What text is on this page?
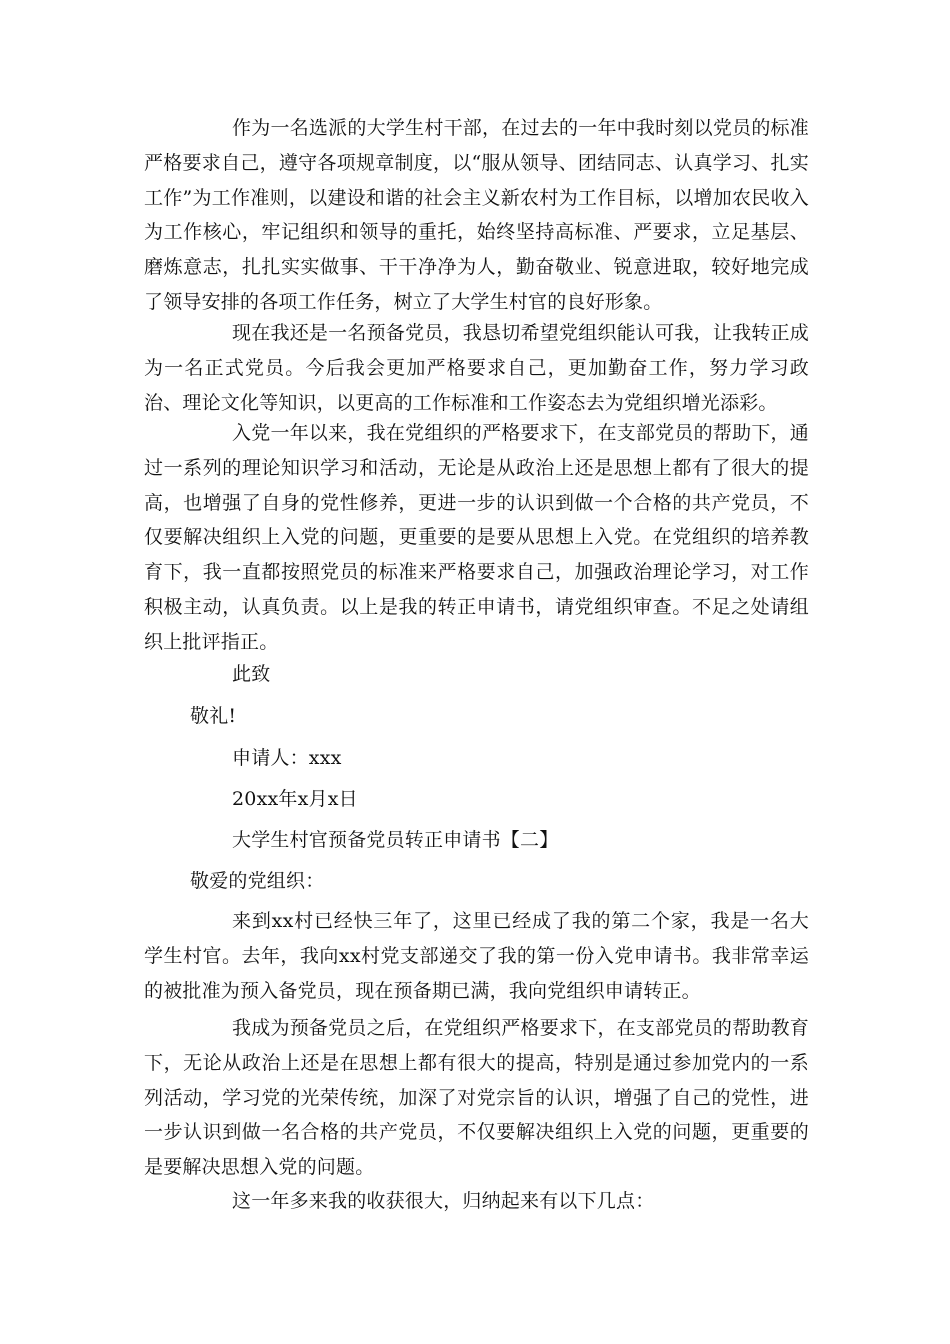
作为一名选派的大学生村干部，在过去的一年中我时刻以党员的标准严格要求自己，遵守各项规章制度，以“服从领导、团结同志、认真学习、扎实工作”为工作准则，以建设和谐的社会主义新农村为工作目标，以增加农民收入为工作核心，牢记组织和领导的重托，始终坚持高标准、严要求，立足基层、磨炼意志，扎扎实实做事、干干净净为人，勤奋敬业、锐意进取，较好地完成了领导安排的各项工作任务，树立了大学生村官的良好形象。

现在我还是一名预备党员，我恳切希望党组织能认可我，让我转正成为一名正式党员。今后我会更加严格要求自己，更加勤奋工作，努力学习政治、理论文化等知识，以更高的工作标准和工作姿态去为党组织增光添彩。

入党一年以来，我在党组织的严格要求下，在支部党员的帮助下，通过一系列的理论知识学习和活动，无论是从政治上还是思想上都有了很大的提高，也增强了自身的党性修养，更进一步的认识到做一个合格的共产党员，不仅要解决组织上入党的问题，更重要的是要从思想上入党。在党组织的培养教育下，我一直都按照党员的标准来严格要求自己，加强政治理论学习，对工作积极主动，认真负责。以上是我的转正申请书，请党组织审查。不足之处请组织上批评指正。

此致

敬礼!

申请人：xxx

20xx年x月x日

大学生村官预备党员转正申请书【二】

敬爱的党组织：

来到xx村已经快三年了，这里已经成了我的第二个家，我是一名大学生村官。去年，我向xx村党支部递交了我的第一份入党申请书。我非常幸运的被批准为预入备党员，现在预备期已满，我向党组织申请转正。

我成为预备党员之后，在党组织严格要求下，在支部党员的帮助教育下，无论从政治上还是在思想上都有很大的提高，特别是通过参加党内的一系列活动，学习党的光荣传统，加深了对党宗旨的认识，增强了自己的党性，进一步认识到做一名合格的共产党员，不仅要解决组织上入党的问题，更重要的是要解决思想入党的问题。

这一年多来我的收获很大，归纳起来有以下几点：
